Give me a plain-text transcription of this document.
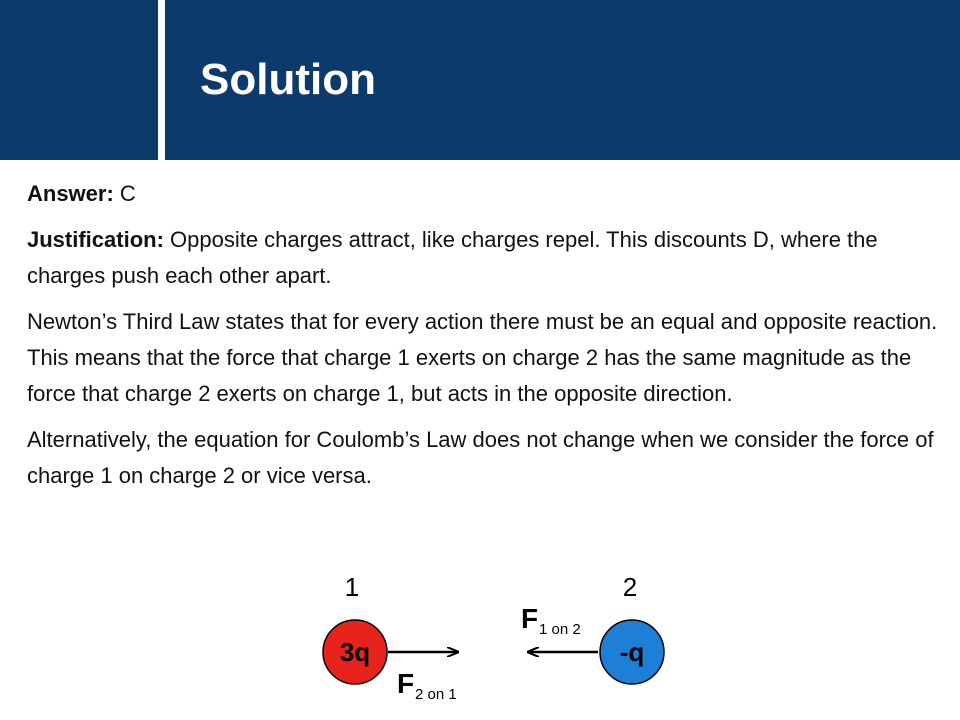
Solution

Answer: C

Justification: Opposite charges attract, like charges repel. This discounts D, where the charges push each other apart.

Newton’s Third Law states that for every action there must be an equal and opposite reaction. This means that the force that charge 1 exerts on charge 2 has the same magnitude as the force that charge 2 exerts on charge 1, but acts in the opposite direction.

Alternatively, the equation for Coulomb’s Law does not change when we consider the force of charge 1 on charge 2 or vice versa.

1	2
F 1 on 2
3q	-q
F 2 on 1
